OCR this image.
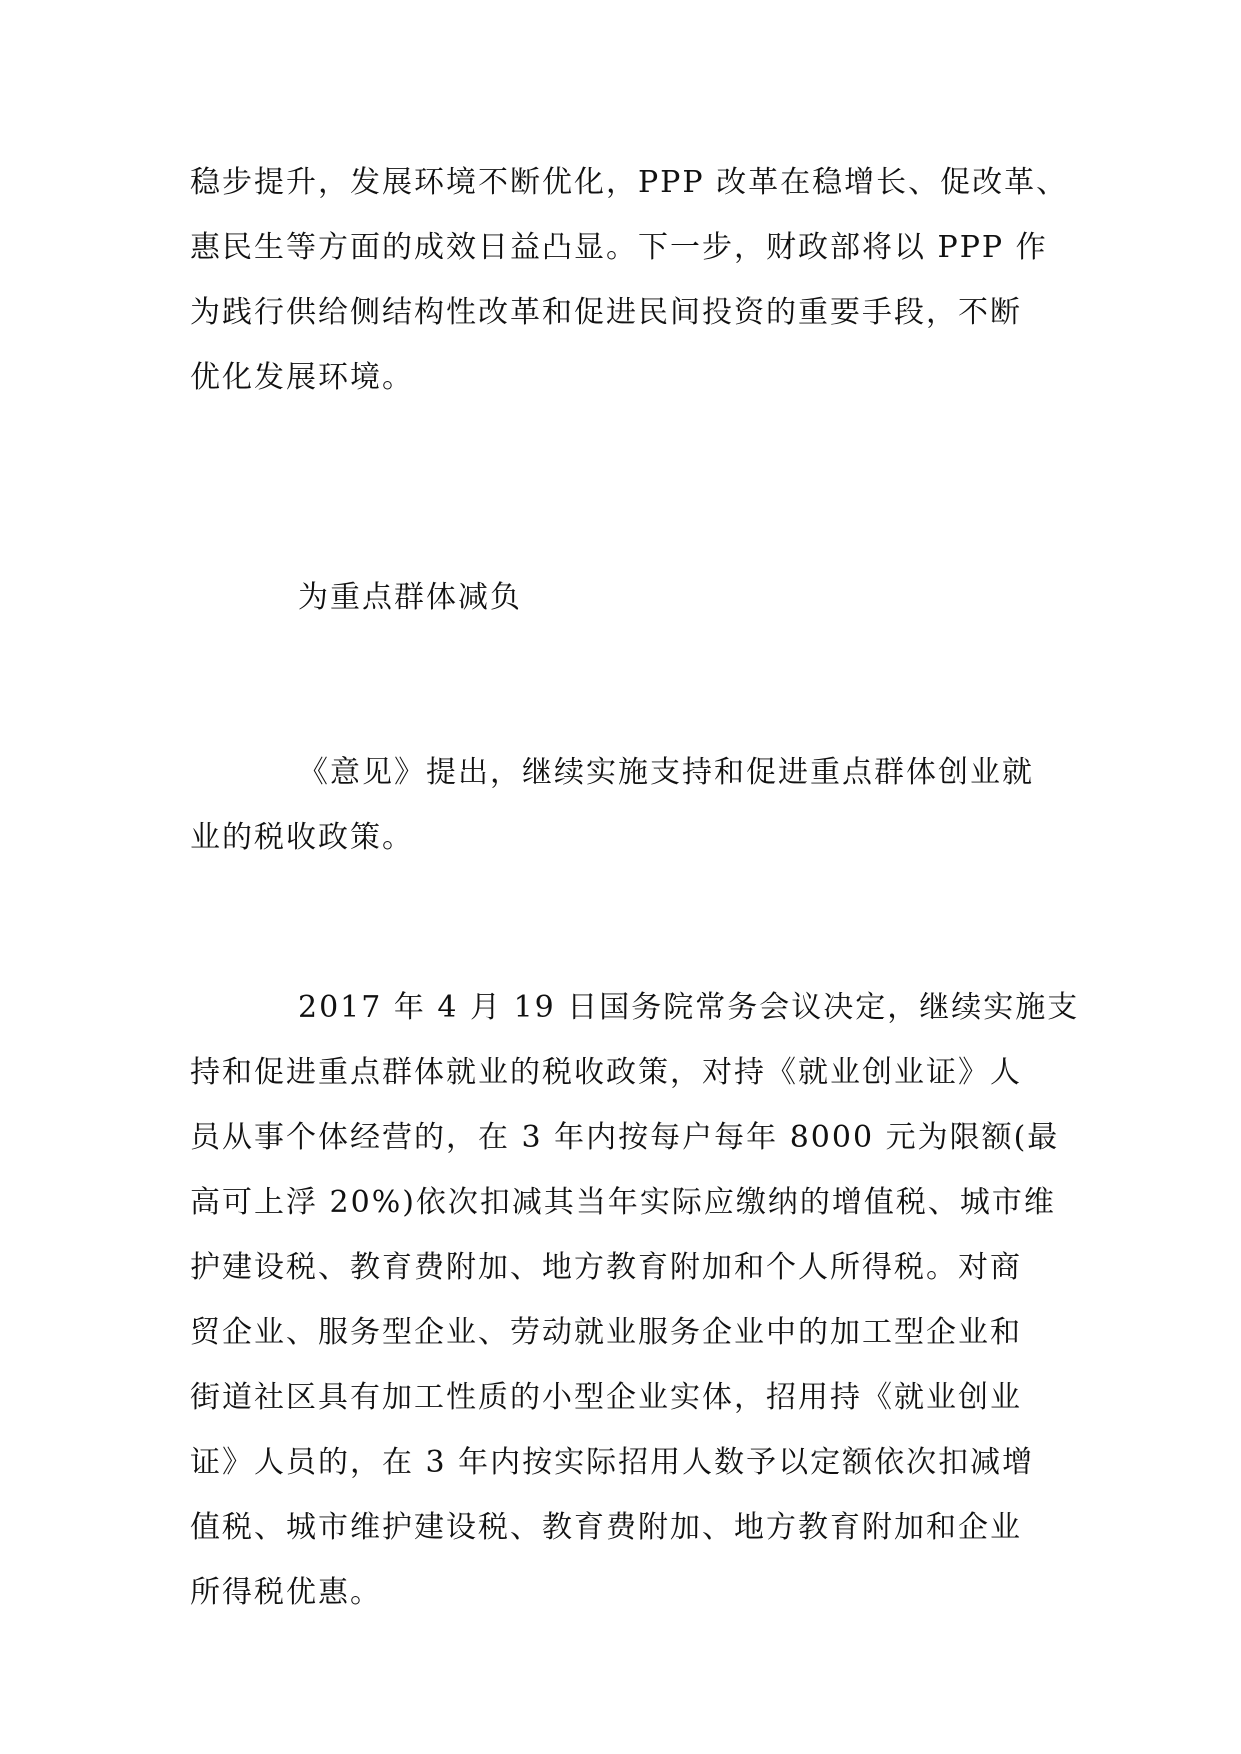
稳步提升，发展环境不断优化，PPP 改革在稳增长、促改革、
惠民生等方面的成效日益凸显。下一步，财政部将以 PPP 作
为践行供给侧结构性改革和促进民间投资的重要手段，不断
优化发展环境。
为重点群体减负
《意见》提出，继续实施支持和促进重点群体创业就
业的税收政策。
2017 年 4 月 19 日国务院常务会议决定，继续实施支
持和促进重点群体就业的税收政策，对持《就业创业证》人
员从事个体经营的，在 3 年内按每户每年 8000 元为限额(最
高可上浮 20%)依次扣减其当年实际应缴纳的增值税、城市维
护建设税、教育费附加、地方教育附加和个人所得税。对商
贸企业、服务型企业、劳动就业服务企业中的加工型企业和
街道社区具有加工性质的小型企业实体，招用持《就业创业
证》人员的，在 3 年内按实际招用人数予以定额依次扣减增
值税、城市维护建设税、教育费附加、地方教育附加和企业
所得税优惠。
